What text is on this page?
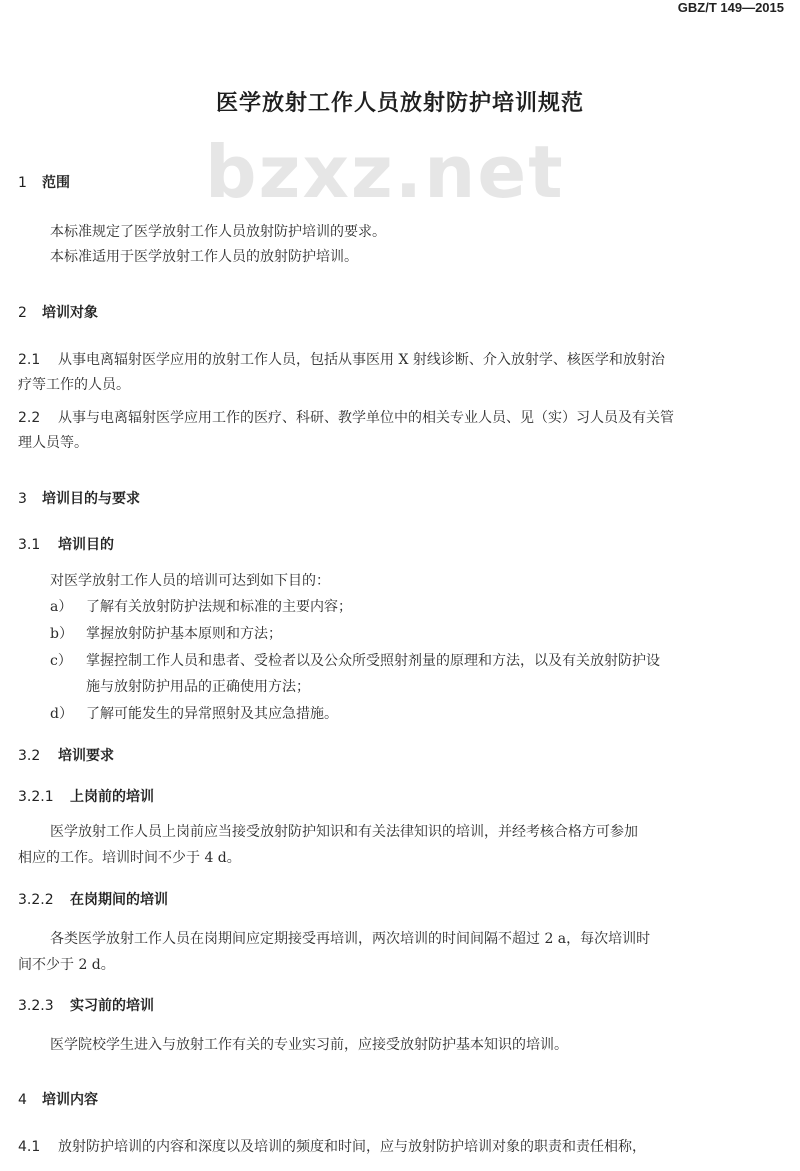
GBZ/T 149—2015
医学放射工作人员放射防护培训规范
bzxz.net
1 范围
本标准规定了医学放射工作人员放射防护培训的要求。
本标准适用于医学放射工作人员的放射防护培训。
2 培训对象
2.1 从事电离辐射医学应用的放射工作人员，包括从事医用 X 射线诊断、介入放射学、核医学和放射治
疗等工作的人员。
2.2 从事与电离辐射医学应用工作的医疗、科研、教学单位中的相关专业人员、见（实）习人员及有关管
理人员等。
3 培训目的与要求
3.1 培训目的
对医学放射工作人员的培训可达到如下目的：
a） 了解有关放射防护法规和标准的主要内容；
b） 掌握放射防护基本原则和方法；
c） 掌握控制工作人员和患者、受检者以及公众所受照射剂量的原理和方法，以及有关放射防护设
施与放射防护用品的正确使用方法；
d） 了解可能发生的异常照射及其应急措施。
3.2 培训要求
3.2.1 上岗前的培训
医学放射工作人员上岗前应当接受放射防护知识和有关法律知识的培训，并经考核合格方可参加
相应的工作。培训时间不少于 4 d。
3.2.2 在岗期间的培训
各类医学放射工作人员在岗期间应定期接受再培训，两次培训的时间间隔不超过 2 a，每次培训时
间不少于 2 d。
3.2.3 实习前的培训
医学院校学生进入与放射工作有关的专业实习前，应接受放射防护基本知识的培训。
4 培训内容
4.1 放射防护培训的内容和深度以及培训的频度和时间，应与放射防护培训对象的职责和责任相称，
